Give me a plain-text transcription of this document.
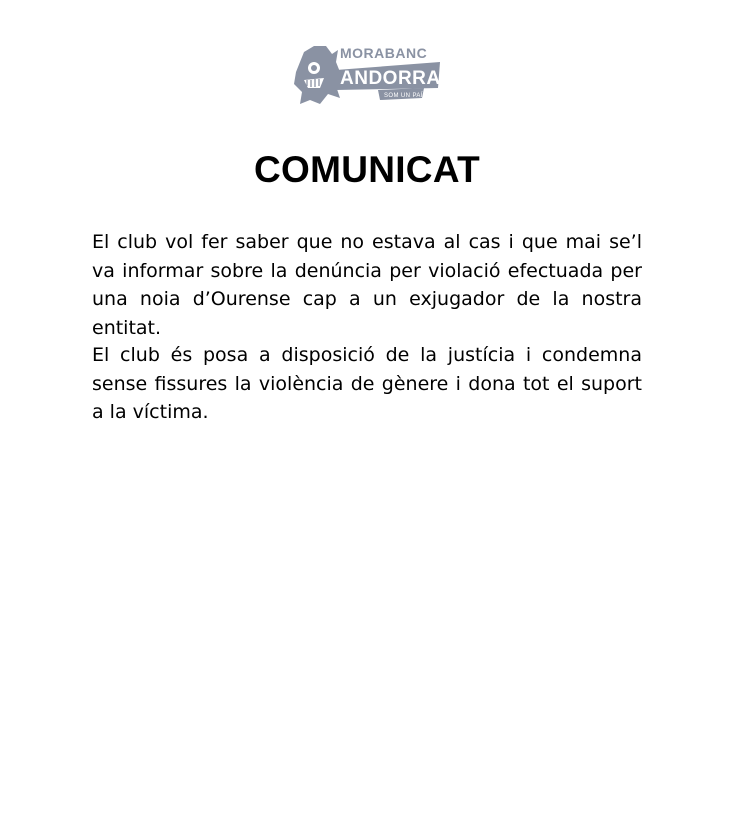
MORABANC
ANDORRA
SOM UN PAÍS
COMUNICAT

El club vol fer saber que no estava al cas i que mai se’l va informar sobre la denúncia per violació efectuada per una noia d’Ourense cap a un exjugador de la nostra entitat.

El club és posa a disposició de la justícia i condemna sense fissures la violència de gènere i dona tot el suport a la víctima.
